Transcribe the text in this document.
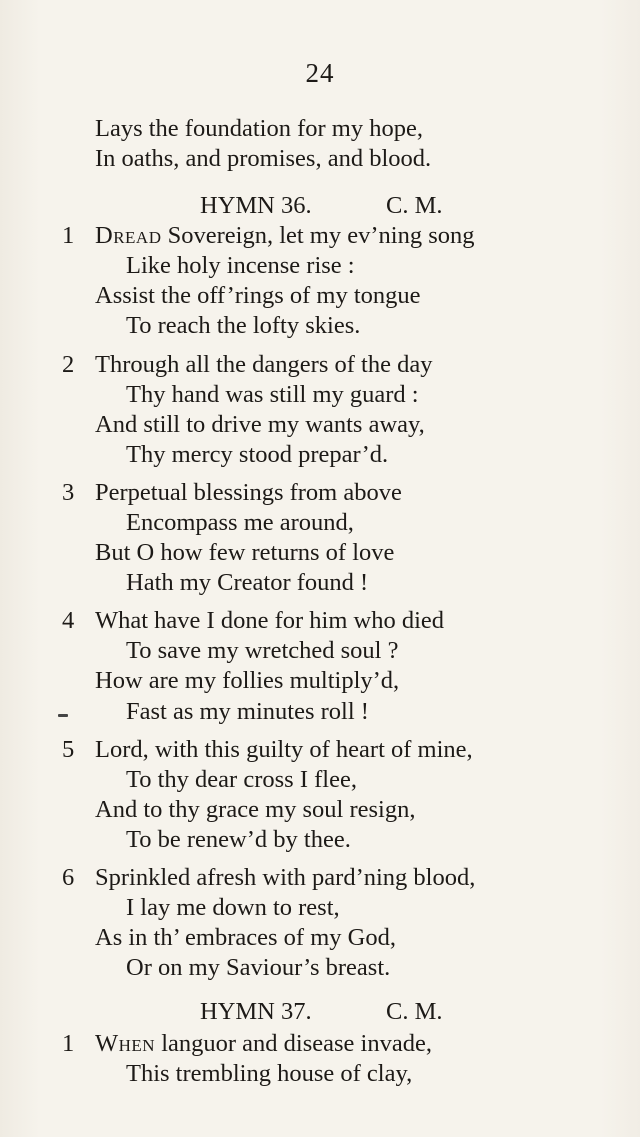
24
Lays the foundation for my hope,
In oaths, and promises, and blood.
HYMN 36.	C. M.
1 Dread Sovereign, let my ev’ning song
Like holy incense rise :
Assist the off’rings of my tongue
To reach the lofty skies.
2 Through all the dangers of the day
Thy hand was still my guard :
And still to drive my wants away,
Thy mercy stood prepar’d.
3 Perpetual blessings from above
Encompass me around,
But O how few returns of love
Hath my Creator found !
4 What have I done for him who died
To save my wretched soul ?
How are my follies multiply’d,
Fast as my minutes roll !
5 Lord, with this guilty of heart of mine,
To thy dear cross I flee,
And to thy grace my soul resign,
To be renew’d by thee.
6 Sprinkled afresh with pard’ning blood,
I lay me down to rest,
As in th’ embraces of my God,
Or on my Saviour’s breast.
HYMN 37.	C. M.
1 When languor and disease invade,
This trembling house of clay,
